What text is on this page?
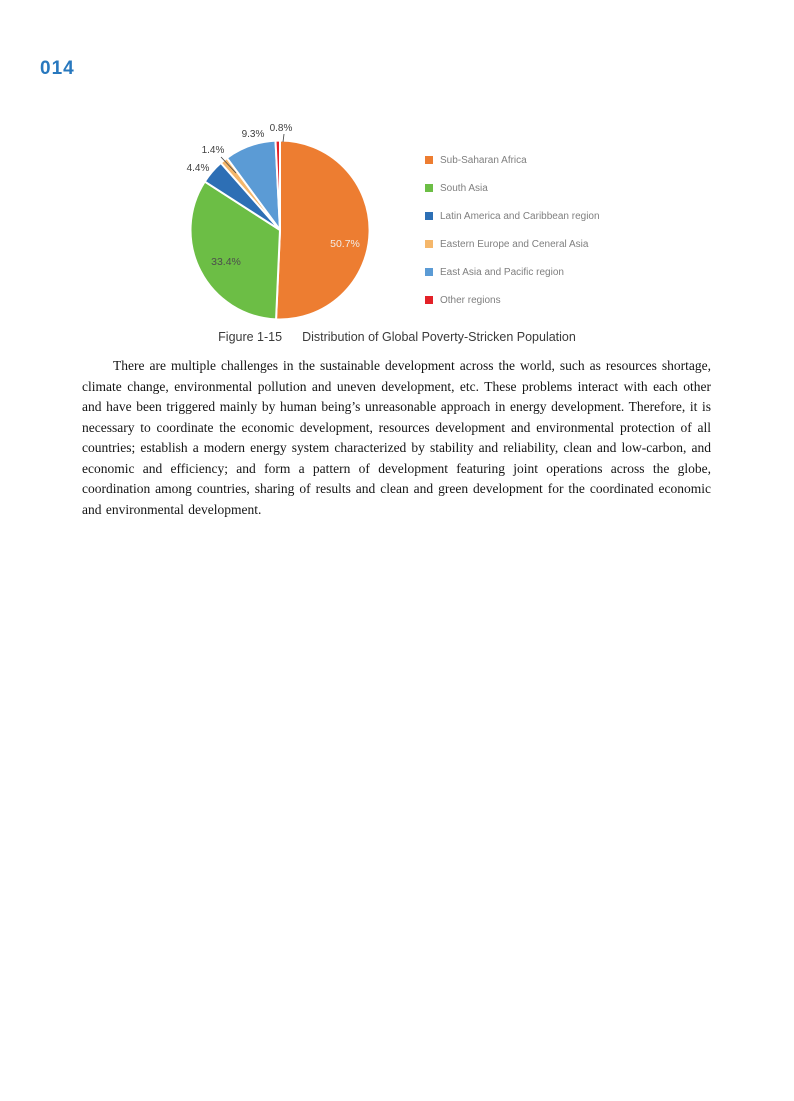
014
50.7%
33.4%
4.4%
1.4%
9.3%
0.8%
Sub-Saharan Africa
South Asia
Latin America and Caribbean region
Eastern Europe and Ceneral Asia
East Asia and Pacific region
Other regions
Figure 1-15 Distribution of Global Poverty-Stricken Population

There are multiple challenges in the sustainable development across the world, such as resources shortage, climate change, environmental pollution and uneven development, etc. These problems interact with each other and have been triggered mainly by human being’s unreasonable approach in energy development. Therefore, it is necessary to coordinate the economic development, resources development and environmental protection of all countries; establish a modern energy system characterized by stability and reliability, clean and low-carbon, and economic and efficiency; and form a pattern of development featuring joint operations across the globe, coordination among countries, sharing of results and clean and green development for the coordinated economic and environmental development.
